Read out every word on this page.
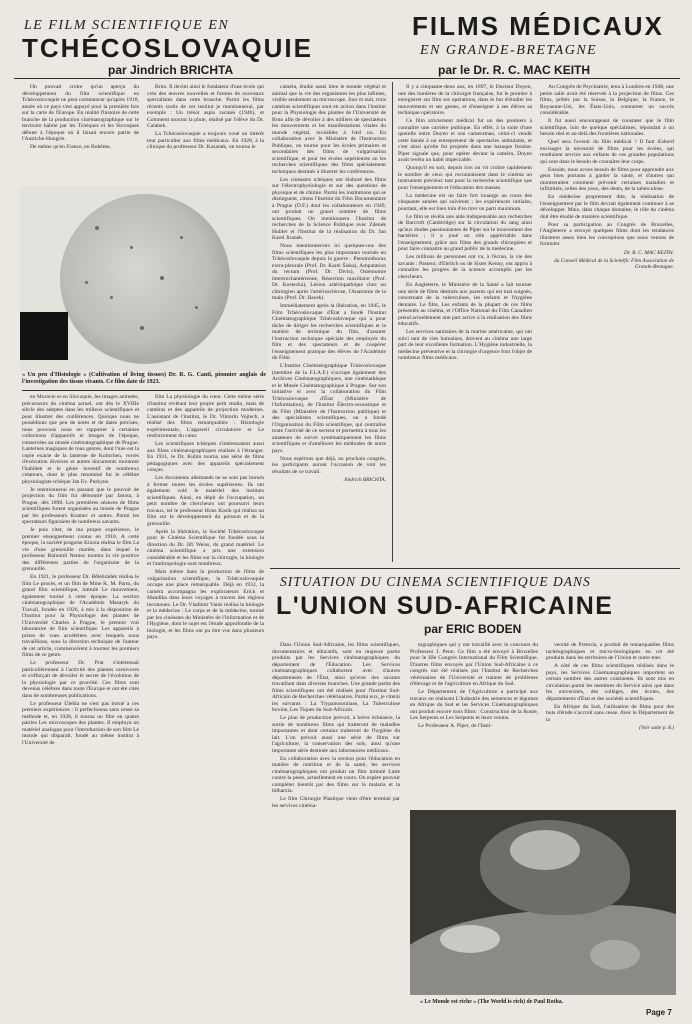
LE FILM SCIENTIFIQUE EN
TCHÉCOSLOVAQUIE
par Jindrich BRICHTA
FILMS MÉDICAUX
EN GRANDE-BRETAGNE
par le Dr. R. C. MAC KEITH

On pouvait croire qu'un aperçu du développement du film scientifique en Tchécoslovaquie ne peut commencer qu'après 1918, année où ce pays s'est appuyé pour la première fois sur la carte de l'Europe. En réalité l'histoire de cette branche de la production cinématographique sur le territoire habité par les Tchèques et les Slovaques débute à l'époque où il faisait encore partie de l'Autriche-Hongrie.

De même qu'en France, en Bohême,

Brno. Il devint ainsi le fondateur d'une école qui créa des œuvres nouvelles et formes de nouveaux spécialistes dans cette branche. Parmi les films récents sortis de cet institut je mentionnerai, par exemple : Un trésor aspis racinés (1946), et Comment mourut la pluie, réalisé par l'élève du Dr. Calabek.

La Tchécoslovaquie a toujours voué un intérêt tout particulier aux films médicaux. En 1928, à la clinique du professeur Dr. Kazanek, on tourna le

« Un peu d'Histologie » (Cultivation of living tissues) Dr. R. G. Canti, pionnier anglais de l'investigation des tissus vivants. Ce film date de 1923.

en Moravie et en Slovaquie, les images animées, précurseurs du cinéma actuel, ont dès le XVIIIe siècle des adeptes dans les milieux scientifiques et pour illustrer des conférences. Quoique nous ne possédions que peu de notes et de dates précises, nous pouvons nous en rapporter à certaines collections d'appareils et images de l'époque, conservées au musée cinématographique de Prague. Lanternes magiques de tous genres, dont l'une est la copie exacte de la lanterne de Kobrchen, verres d'exécution diverses et autres documents montrent l'habileté et le génie inventif de nombreux créateurs, dont le plus renommé fut le célèbre physiologiste tchèque Jan Ev. Purkyne.

Je mentionnerai en passant que le pouvoir de projection du film fut démontré par Janota, à Prague, dès 1898. Les premières séances de films scientifiques furent organisées au musée de Prague par les professeurs Kramec et autres. Parmi les spectateurs figuraient de nombreux savants.

Je puis citer, de ma propre expérience, le premier enseignement connu en 1910. A cette époque, la société pragoise Kinoia réalisa le film La vie d'une grenouille mariée, dans lequel le professeur Bohumil Nemec montra la vie positive des différentes parties de l'organisme de la grenouille.

En 1921, le professeur Dr. Bělehrádek réalisa le film Le procès, et un film de Mme K. M. Parm, du grand film scientifique, intitulé Le mouvement, également tourné à cette époque. La section cinématographique de l'Académie Masaryk du Travail, fondée en 1926, à mis à la disposition de l'Institut pour la Physiologie des plantes de l'Université Charles à Prague, le premier vrai laboratoire de film scientifique. Les appareils à prises de vues accélérées avec lesquels nous travaillions, sous la direction technique de l'auteur de cet article, commencèrent à tourner les premiers films de ce genre.

Le professeur Dr. Prat s'intéressait particulièrement à l'activité des plantes carnivores et s'efforçait de dévoiler le secret de l'évolution de la physiologie par ce procédé. Ces films sont devenus célèbres dans toute l'Europe et ont été cités dans de nombreuses publications.

Le professeur Úlehla ne s'est pas borné à ces premiers expériences : il perfectionna sans cesse sa méthode et, en 1928, il tourna un film en quatre parties Les microscopes des plantes. Il employa un matériel analogue pour l'introduction de son film Le monde qui disparaît, fondé au même institut à l'Université de

film La physiologie du cœur. Cette même série d'institut revêtant leur propre petit studio, mais de caméras et des appareils de projection modernes. L'assistant de l'institut, le Dr. Viktorin Vojtech, a réalisé des films remarquables : Histologie expérimentale, L'appareil circulatoire et Le renforcement du cœur.

Les scientifiques tchèques s'intéressaient aussi aux films cinématographiques réalisés à l'étranger. En 1931, le Dr. Kubin tourna une série de films pédagogiques avec des appareils spécialement conçus.

Les documents allemands ne se sont pas bornés à fermer toutes les écoles supérieures. Ils ont également volé le matériel des instituts scientifiques. Ainsi, en dépit de l'occupation, un petit nombre de chercheurs ont poursuivi leurs travaux, tel le professeur Hons Kosik qui réalisa un film sur le développement du poisson et de la grenouille.

Après la libération, la Société Tchécoslovaque pour le Cinéma Scientifique fut fondée sous la direction du Dr. Jiří Weiss, du grand matériel. Le cinéma scientifique a pris une extension considérable et les films sur la chirurgie, la biologie et l'anthropologie sont nombreux.

Mais même dans la production de films de vulgarisation scientifique, la Tchécoslovaquie occupe une place remarquable. Déjà en 1932, la caméra accompagna les explorateurs Erick et Mandíka dans leurs voyages à travers des régions inconnues. Le Dr. Vladimir Vanis réalisa la biologie et la médecine : Le corps et de la médecine, tourné par les cinéastes du Ministère de l'Information et de l'Hygiène, dont le sujet est l'étude approfondie de la biologie, et les films ont pu être vus dans plusieurs pays.

caméra, étudie aussi bien le monde végétal et animal que la vie des organismes les plus infimes, visible seulement au microscope. Jour et nuit, trois caméras scientifiques sont en action dans l'institut pour la Physiologie des plantes de l'Université de Brno afin de dévoiler à des milliers de spectateurs les mouvements et les manifestations vitales du monde végétal, invisibles à l'œil nu. En collaboration avec le Ministère de l'Instruction Publique, on tourne pour les écoles primaires et secondaires des films de vulgarisation scientifique, et pour les écoles supérieures on les recherches scientifiques des films spécialement techniques destinés à illustrer les conférences.

Les cinéastes tchèques ont élaboré des films sur l'électrophysiologie et sur des questions de physique et de chimie. Parmi les institutions qui se distinguent, citons l'Institut du Film Documentaire à Prague (D.F.) dont les collaborateurs en 1949, ont produit un grand nombre de films scientifiques. On mentionnera l'Institut de recherches de la Science Politique avec Zdenek Hubler et l'Institut de la réalisation du Dr. Jan Karel Jiranek.

Nous mentionnerons ici quelques-uns des films scientifiques les plus importants tournés en Tchécoslovaquie depuis la guerre : Pneumothorax extra-pleurale (Prof. Dr. Karel Šiska), Amputation du rectum (Prof. Dr. Divis), Ostéotomie intertrochantérienne, Résection maxillaire (Prof. Dr. Kostecka), Lésion artériopathique chez un chirurgien après l'artériosclérose, l'Anatomie de la main (Prof. Dr. Hacek).

Immédiatement après la libération, en 1945, le Film Tchécoslovaque d'État a fondé l'Institut Cinématographique Tchécoslovaque qui a pour tâche de diriger les recherches scientifiques et la matière de technique du film, d'assurer l'instruction technique spéciale des employés du film et des spectateurs et de coopérer l'enseignement pratique des élèves de l'Académie du Film.

L'Institut Cinématographique Tchécoslovaque (membre de la F.I.A.F.) s'occupe également des Archives Cinématographiques, une cinémathèque et le Musée Cinématographique à Prague. Sur son initiative et avec la collaboration du Film Tchécoslovaque d'État (Ministère de l'Information), de l'Institut Électro-acoustique et du Film (Ministère de l'Instruction publique) et des spécialistes scientifiques, on a fondé l'Organisation du Film scientifique, qui centralise toute l'activité de ce secteur et permettra à tous les amateurs de suivre systématiquement les films scientifiques et d'améliorer les méthodes de notre pays.

Nous espérons que déjà, au prochain congrès, les participants auront l'occasion de voir les résultats de ce travail.

Jindrich BRICHTA.

Il y a cinquante-deux ans, en 1897, le Docteur Doyen, une des lumières de la chirurgie française, fut le premier à enregistrer sur film ses opérations, dans le but d'étudier les mouvements et ses gestes, et d'enseigner à ses élèves sa technique opératoire.

Ce film strictement médical fut un des premiers à connaître une carrière publique. En effet, à la suite d'une querelle entre Doyen et son cameraman, celui-ci vendit cette bande à un entrepreneur de spectacles ambulants, et c'est ainsi qu'elle fut projetée dans une baraque foraine. Piper signale que, pour opérer devant la caméra, Doyen avait revêtu un habit impeccable.

Quoiqu'il en soit, depuis lors on vit croître rapidement le nombre de ceux qui reconnaissent dans le cinéma un instrument précieux tant pour la recherche scientifique que pour l'enseignement et l'éducation des masses.

La médecine est un faire fort louange au cours des cinquante années qui suivirent ; les expériences initiales, pourtant, elle est bien loin d'en tirer un parti maximum.

Le film se révéla une aide indispensable aux recherches de Barcroft (Cambridge) sur la circulation du sang ainsi qu'aux études passionnantes de Piper sur le mouvement des bactéries ; il a joué un rôle appréciable dans l'enseignement, grâce aux films des grands chirurgiens et pour faire connaître au grand public de la médecine.

Les millions de personnes ont vu, à l'écran, la vie des savants : Pasteur, d'Ehrlich ou de Sister Kenny, ont appris à connaître les progrès de la science accomplis par les chercheurs.

En Angleterre, le Ministère de la Santé a fait tourner une série de films destinés aux parents qui est mal soignés, concernant de la tuberculose, les enfants et l'hygiène dentaire. Le film, Les enfants de la plupart de ces films présentés au cinéma, et l'Office National du Film Canadien prend actuellement une part active à la réalisation des films éducatifs.

Les services sanitaires de la marine américaine, qui ont suivi tant de vies humaines, doivent au cinéma une large part de leur excellente formation. L'Hygiène industrielle, la médecine préventive et la chirurgie d'urgence font l'objet de nombreux films médicaux.

Au Congrès de Psychiatrie, tenu à Londres en 1948, une petite salle avait été réservée à la projection de films. Ces films, prêtés par la Suisse, la Belgique, la France, le Royaume-Uni, les États-Unis, connurent un succès considérable.

Il fut aussi encourageant de constater que le film scientifique, loin de quelque spécialistes, répondait à un besoin réel et au-delà des frontières nationales.

Quel sera l'avenir du film médical ? Il faut d'abord envisager la nécessité de films pour les écoles, qui rendraient service aux enfants de ces grandes populations qui sont dans le besoin de connaître leur corps.

Ensuite, nous avons besoin de films pour apprendre aux gens bien portants à garder la santé, et d'autres qui montreraient comment prévenir certaines maladies et infirmités, celles des yeux, des dents, de la tuberculose.

En médecine proprement dite, la réalisation de l'enseignement par le film devrait également continuer à se développer. Mais, dans chaque domaine, le rôle du cinéma doit être étudié de manière scientifique.

Pour sa participation au Congrès de Bruxelles, l'Angleterre a envoyé quelques films dont les tendances illustrent assez bien les conceptions que nous venons de formuler.

Dr. R. C. MAC KEITH.

du Conseil Médical de la Scientific Film Association de Grande-Bretagne.

SITUATION DU CINEMA SCIENTIFIQUE DANS
L'UNION SUD-AFRICAINE
par ERIC BODEN

Dans l'Union Sud-Africaine, les films scientifiques, documentaires et éducatifs, sont en majeure partie produits par les Services cinématographiques du département de l'Éducation. Les Services cinématographiques collaborent avec d'autres départements de l'État, ainsi qu'avec des savants travaillant dans diverses branches. Une grande partie des films scientifiques ont été réalisés pour l'Institut Sud-Africain de Recherches vétérinaires. Parmi eux, je citerai les suivants : La Trypanosomiase, La Tuberculose bovine, Les Tiques du Sud-Africain.

Le plan de production prévoit, à brève échéance, la sortie de nombreux films qui traiteront de maladies importantes et dont certains traiteront de l'hygiène du lait. L'on prévoit aussi une série de films sur l'agriculture, la conservation des sols, ainsi qu'une importante série destinée aux laboratoires médicaux.

En collaboration avec la section pour l'éducation en matière de nutrition et de la santé, les services cinématographiques ont produit un film intitulé Lutte contre la peste, actuellement en cours. On espère pouvoir compléter bientôt par des films sur la malaria et la bilharzia.

Le film Chirurgie Plastique vient d'être terminé par les services cinéma-

tographiques qui y ont travaillé avec le concours du Professeur J. Penn. Ce film a été envoyé à Bruxelles pour le IIIe Congrès International du Film Scientifique. D'autres films envoyés par l'Union Sud-Africaine à ce congrès ont été réalisés par l'Institut de Recherches vétérinaires de l'Université et traitent de problèmes d'élevage et de l'agriculture en Afrique du Sud.

Le Département de l'Agriculture a participé aux travaux en réalisant L'Industrie des semences et légumes en Afrique du Sud et les Services Cinématographiques ont produit encore trois films : Construction de la Route, Les Serpents et Les Serpents et leurs venins.

Le Professeur A. Piper, de l'Insti-

versité de Pretoria, a produit de remarquables films tachéographiques et micro-biologiques en cet été produits dans les territoires de l'Union et outre-mer.

A côté de ces films scientifiques réalisés dans le pays, les Services Cinématographiques importent un certain nombre des autres continents. Ils sont mis en circulation parmi les membres du Service ainsi que dans les universités, des collèges, des écoles, des départements d'État et des sociétés scientifiques.

En Afrique du Sud, l'utilisation de films pour des buts d'étude s'accroît sans cesse. Avec le Département de la

(Voir suite p. 8.)

« Le Monde est riche » (The World is rich) de Paul Rotha.
Page 7
